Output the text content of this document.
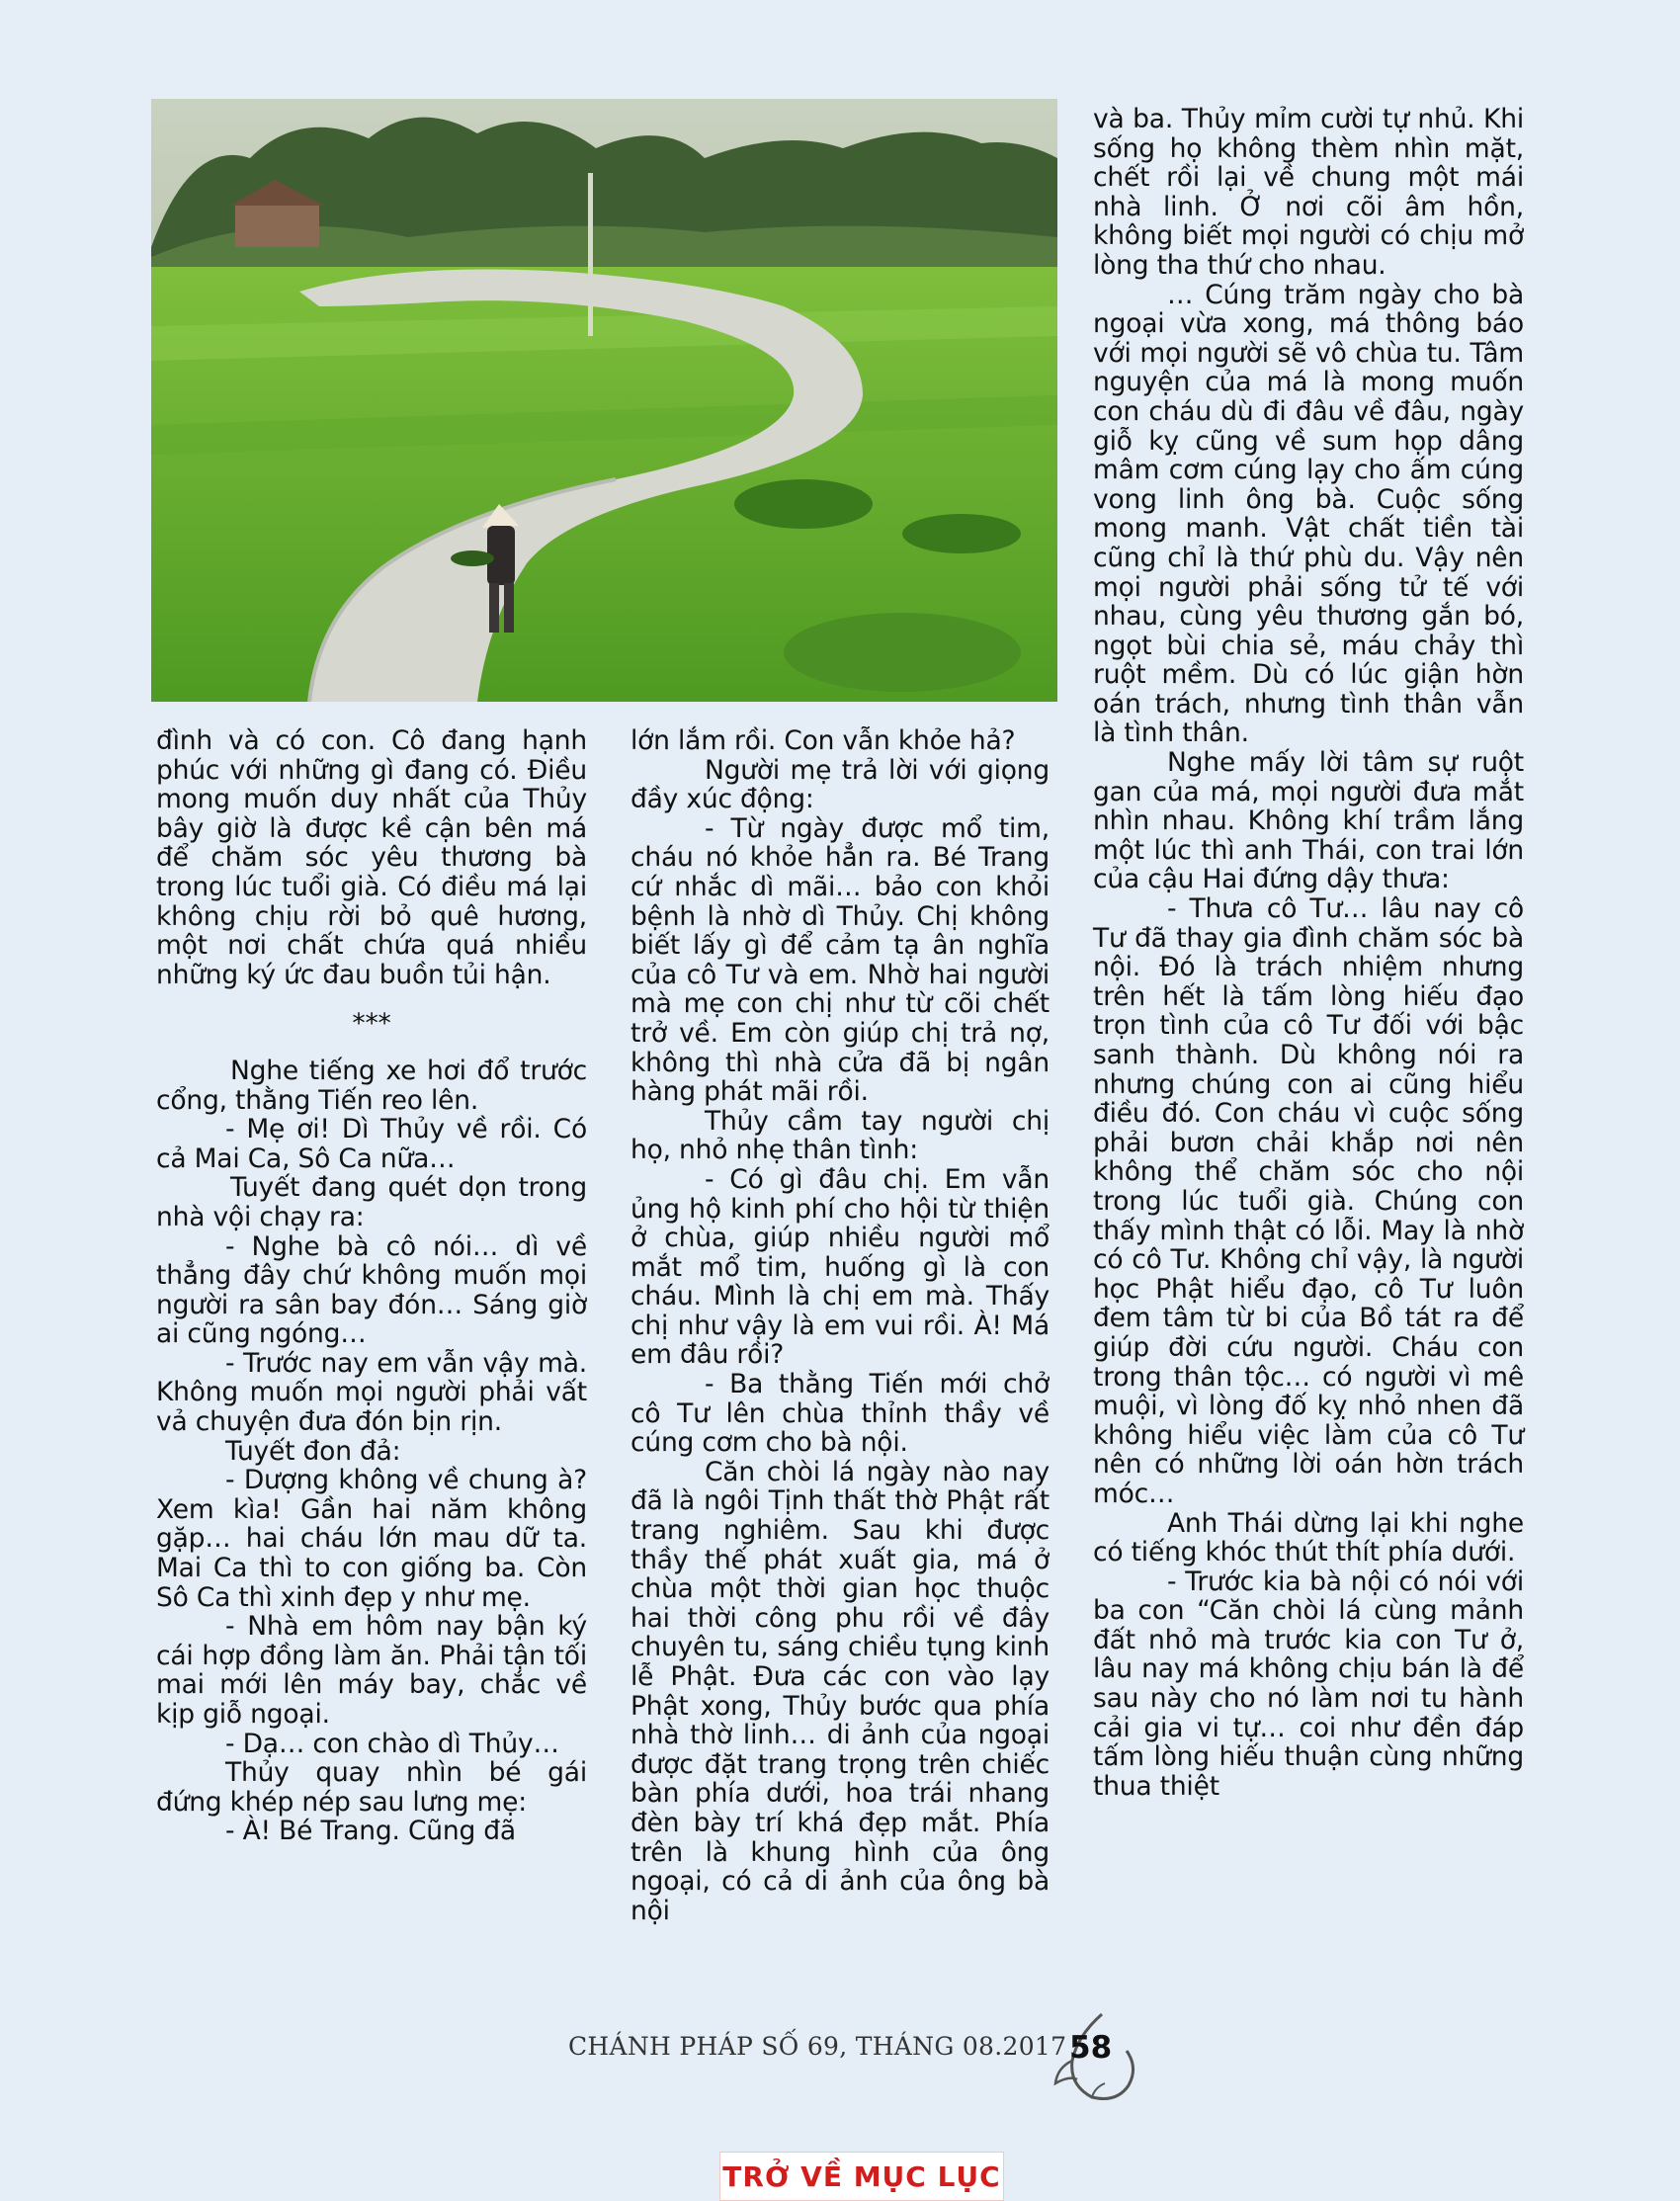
đình và có con. Cô đang hạnh phúc với những gì đang có. Điều mong muốn duy nhất của Thủy bây giờ là được kề cận bên má để chăm sóc yêu thương bà trong lúc tuổi già. Có điều má lại không chịu rời bỏ quê hương, một nơi chất chứa quá nhiều những ký ức đau buồn tủi hận.

***

Nghe tiếng xe hơi đổ trước cổng, thằng Tiến reo lên.

- Mẹ ơi! Dì Thủy về rồi. Có cả Mai Ca, Sô Ca nữa…

Tuyết đang quét dọn trong nhà vội chạy ra:

- Nghe bà cô nói… dì về thẳng đây chứ không muốn mọi người ra sân bay đón… Sáng giờ ai cũng ngóng…

- Trước nay em vẫn vậy mà. Không muốn mọi người phải vất vả chuyện đưa đón bịn rịn.

Tuyết đon đả:

- Dượng không về chung à? Xem kìa! Gần hai năm không gặp… hai cháu lớn mau dữ ta. Mai Ca thì to con giống ba. Còn Sô Ca thì xinh đẹp y như mẹ.

- Nhà em hôm nay bận ký cái hợp đồng làm ăn. Phải tận tối mai mới lên máy bay, chắc về kịp giỗ ngoại.

- Dạ… con chào dì Thủy…

Thủy quay nhìn bé gái đứng khép nép sau lưng mẹ:

- À! Bé Trang. Cũng đã

lớn lắm rồi. Con vẫn khỏe hả?

Người mẹ trả lời với giọng đầy xúc động:

- Từ ngày được mổ tim, cháu nó khỏe hẳn ra. Bé Trang cứ nhắc dì mãi… bảo con khỏi bệnh là nhờ dì Thủy. Chị không biết lấy gì để cảm tạ ân nghĩa của cô Tư và em. Nhờ hai người mà mẹ con chị như từ cõi chết trở về. Em còn giúp chị trả nợ, không thì nhà cửa đã bị ngân hàng phát mãi rồi.

Thủy cầm tay người chị họ, nhỏ nhẹ thân tình:

- Có gì đâu chị. Em vẫn ủng hộ kinh phí cho hội từ thiện ở chùa, giúp nhiều người mổ mắt mổ tim, huống gì là con cháu. Mình là chị em mà. Thấy chị như vậy là em vui rồi. À! Má em đâu rồi?

- Ba thằng Tiến mới chở cô Tư lên chùa thỉnh thầy về cúng cơm cho bà nội.

Căn chòi lá ngày nào nay đã là ngôi Tịnh thất thờ Phật rất trang nghiêm. Sau khi được thầy thế phát xuất gia, má ở chùa một thời gian học thuộc hai thời công phu rồi về đây chuyên tu, sáng chiều tụng kinh lễ Phật. Đưa các con vào lạy Phật xong, Thủy bước qua phía nhà thờ linh… di ảnh của ngoại được đặt trang trọng trên chiếc bàn phía dưới, hoa trái nhang đèn bày trí khá đẹp mắt. Phía trên là khung hình của ông ngoại, có cả di ảnh của ông bà nội

và ba. Thủy mỉm cười tự nhủ. Khi sống họ không thèm nhìn mặt, chết rồi lại về chung một mái nhà linh. Ở nơi cõi âm hồn, không biết mọi người có chịu mở lòng tha thứ cho nhau.

… Cúng trăm ngày cho bà ngoại vừa xong, má thông báo với mọi người sẽ vô chùa tu. Tâm nguyện của má là mong muốn con cháu dù đi đâu về đâu, ngày giỗ kỵ cũng về sum họp dâng mâm cơm cúng lạy cho ấm cúng vong linh ông bà. Cuộc sống mong manh. Vật chất tiền tài cũng chỉ là thứ phù du. Vậy nên mọi người phải sống tử tế với nhau, cùng yêu thương gắn bó, ngọt bùi chia sẻ, máu chảy thì ruột mềm. Dù có lúc giận hờn oán trách, nhưng tình thân vẫn là tình thân.

Nghe mấy lời tâm sự ruột gan của má, mọi người đưa mắt nhìn nhau. Không khí trầm lắng một lúc thì anh Thái, con trai lớn của cậu Hai đứng dậy thưa:

- Thưa cô Tư… lâu nay cô Tư đã thay gia đình chăm sóc bà nội. Đó là trách nhiệm nhưng trên hết là tấm lòng hiếu đạo trọn tình của cô Tư đối với bậc sanh thành. Dù không nói ra nhưng chúng con ai cũng hiểu điều đó. Con cháu vì cuộc sống phải bươn chải khắp nơi nên không thể chăm sóc cho nội trong lúc tuổi già. Chúng con thấy mình thật có lỗi. May là nhờ có cô Tư. Không chỉ vậy, là người học Phật hiểu đạo, cô Tư luôn đem tâm từ bi của Bồ tát ra để giúp đời cứu người. Cháu con trong thân tộc… có người vì mê muội, vì lòng đố kỵ nhỏ nhen đã không hiểu việc làm của cô Tư nên có những lời oán hờn trách móc…

Anh Thái dừng lại khi nghe có tiếng khóc thút thít phía dưới.

- Trước kia bà nội có nói với ba con “Căn chòi lá cùng mảnh đất nhỏ mà trước kia con Tư ở, lâu nay má không chịu bán là để sau này cho nó làm nơi tu hành cải gia vi tự… coi như đền đáp tấm lòng hiếu thuận cùng những thua thiệt

CHÁNH PHÁP SỐ 69, THÁNG 08.2017 58
TRỞ VỀ MỤC LỤC
